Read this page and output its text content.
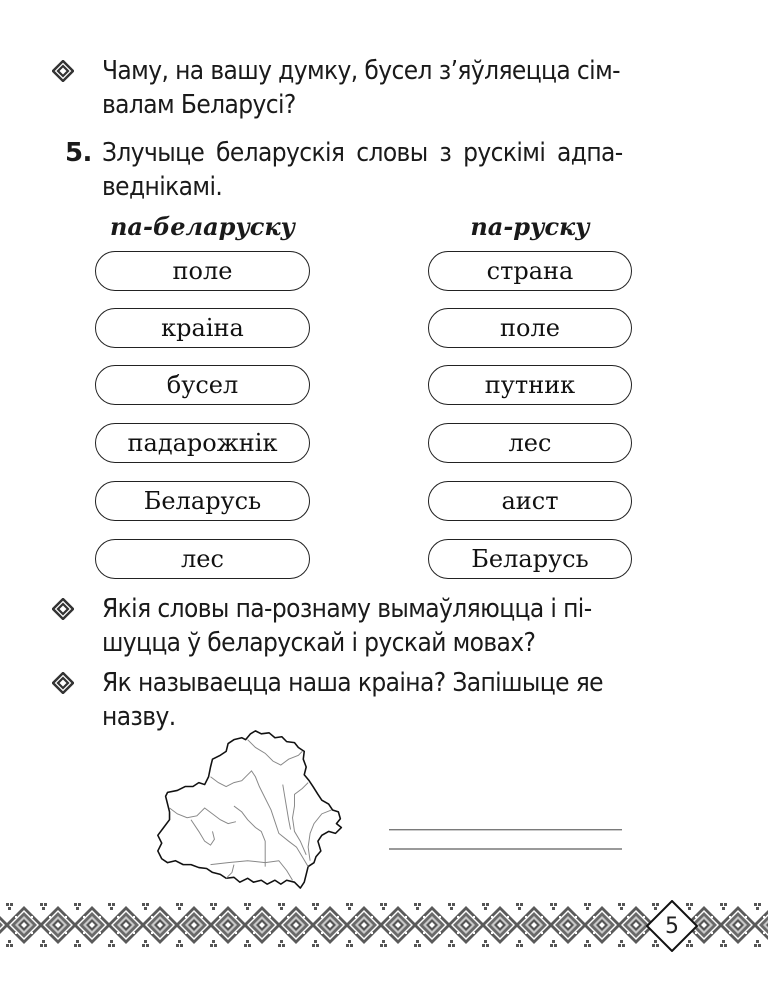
Чаму, на вашу думку, бусел з’яўляецца сім-
валам Беларусі?
5. Злучыце беларускія словы з рускімі адпа-
веднікамі.
па-беларуску	па-руску
поле
краіна
бусел
падарожнік
Беларусь
лес
страна
поле
путник
лес
аист
Беларусь
Якія словы па-рознаму вымаўляюцца і пі-
шуцца ў беларускай і рускай мовах?
Як называецца наша краіна? Запішыце яе
назву.
5
